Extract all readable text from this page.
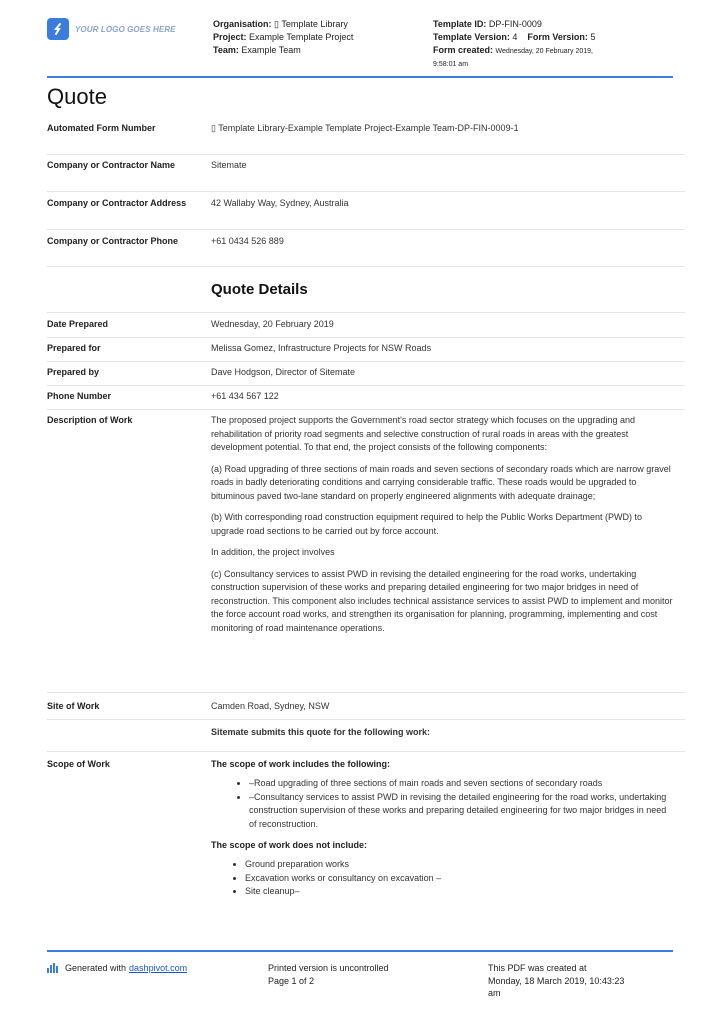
YOUR LOGO GOES HERE	Organisation: ▯ Template Library
Project: Example Template Project
Team: Example Team
Template ID: DP-FIN-0009
Template Version: 4 Form Version: 5
Form created: Wednesday, 20 February 2019,
9:58:01 am
Quote
Automated Form Number	▯ Template Library-Example Template Project-Example Team-DP-FIN-0009-1
Company or Contractor Name	Sitemate
Company or Contractor Address	42 Wallaby Way, Sydney, Australia
Company or Contractor Phone	+61 0434 526 889
Quote Details
Date Prepared	Wednesday, 20 February 2019
Prepared for	Melissa Gomez, Infrastructure Projects for NSW Roads
Prepared by	Dave Hodgson, Director of Sitemate
Phone Number	+61 434 567 122
Description of Work	The proposed project supports the Government's road sector strategy which focuses on the upgrading and rehabilitation of priority road segments and selective construction of rural roads in areas with the greatest development potential. To that end, the project consists of the following components:

(a) Road upgrading of three sections of main roads and seven sections of secondary roads which are narrow gravel roads in badly deteriorating conditions and carrying considerable traffic. These roads would be upgraded to bituminous paved two-lane standard on properly engineered alignments with adequate drainage;

(b) With corresponding road construction equipment required to help the Public Works Department (PWD) to upgrade road sections to be carried out by force account.

In addition, the project involves

(c) Consultancy services to assist PWD in revising the detailed engineering for the road works, undertaking construction supervision of these works and preparing detailed engineering for two major bridges in need of reconstruction. This component also includes technical assistance services to assist PWD to implement and monitor the force account road works, and strengthen its organisation for planning, programming, implementing and cost monitoring of road maintenance operations.

Site of Work	Camden Road, Sydney, NSW
Sitemate submits this quote for the following work:
Scope of Work	The scope of work includes the following:
• –Road upgrading of three sections of main roads and seven sections of secondary roads
• –Consultancy services to assist PWD in revising the detailed engineering for the road works, undertaking construction supervision of these works and preparing detailed engineering for two major bridges in need of reconstruction.
The scope of work does not include:
• Ground preparation works
• Excavation works or consultancy on excavation –
• Site cleanup–
Generated with dashpivot.com	Printed version is uncontrolled
Page 1 of 2
This PDF was created at
Monday, 18 March 2019, 10:43:23
am
